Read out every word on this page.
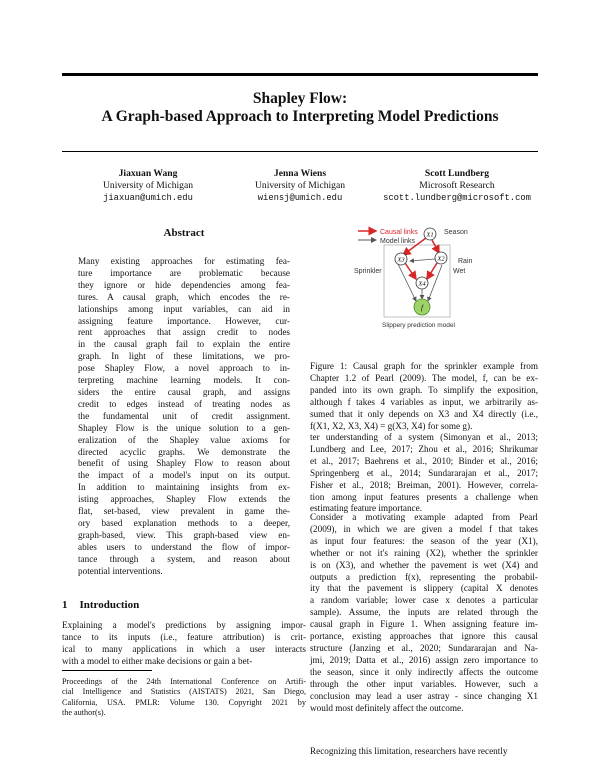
Shapley Flow:
A Graph-based Approach to Interpreting Model Predictions
Jiaxuan Wang
University of Michigan
jiaxuan@umich.edu
Jenna Wiens
University of Michigan
wiensj@umich.edu
Scott Lundberg
Microsoft Research
scott.lundberg@microsoft.com
Abstract
Many existing approaches for estimating fea-
ture importance are problematic because
they ignore or hide dependencies among fea-
tures. A causal graph, which encodes the re-
lationships among input variables, can aid in
assigning feature importance. However, cur-
rent approaches that assign credit to nodes
in the causal graph fail to explain the entire
graph. In light of these limitations, we pro-
pose Shapley Flow, a novel approach to in-
terpreting machine learning models. It con-
siders the entire causal graph, and assigns
credit to edges instead of treating nodes as
the fundamental unit of credit assignment.
Shapley Flow is the unique solution to a gen-
eralization of the Shapley value axioms for
directed acyclic graphs. We demonstrate the
benefit of using Shapley Flow to reason about
the impact of a model's input on its output.
In addition to maintaining insights from ex-
isting approaches, Shapley Flow extends the
flat, set-based, view prevalent in game the-
ory based explanation methods to a deeper,
graph-based, view. This graph-based view en-
ables users to understand the flow of impor-
tance through a system, and reason about
potential interventions.
1 Introduction
Explaining a model's predictions by assigning impor-
tance to its inputs (i.e., feature attribution) is crit-
ical to many applications in which a user interacts
with a model to either make decisions or gain a bet-
Proceedings of the 24th International Conference on Artifi-
cial Intelligence and Statistics (AISTATS) 2021, San Diego,
California, USA. PMLR: Volume 130. Copyright 2021 by
the author(s).
Causal links
Model links
Season
Sprinkler
Rain
Wet
X1
X3	X2
X4
f
Slippery prediction model
Figure 1: Causal graph for the sprinkler example from
Chapter 1.2 of Pearl (2009). The model, f, can be ex-
panded into its own graph. To simplify the exposition,
although f takes 4 variables as input, we arbitrarily as-
sumed that it only depends on X3 and X4 directly (i.e.,
f(X1, X2, X3, X4) = g(X3, X4) for some g).
ter understanding of a system (Simonyan et al., 2013;
Lundberg and Lee, 2017; Zhou et al., 2016; Shrikumar
et al., 2017; Baehrens et al., 2010; Binder et al., 2016;
Springenberg et al., 2014; Sundararajan et al., 2017;
Fisher et al., 2018; Breiman, 2001). However, correla-
tion among input features presents a challenge when
estimating feature importance.
Consider a motivating example adapted from Pearl
(2009), in which we are given a model f that takes
as input four features: the season of the year (X1),
whether or not it's raining (X2), whether the sprinkler
is on (X3), and whether the pavement is wet (X4) and
outputs a prediction f(x), representing the probabil-
ity that the pavement is slippery (capital X denotes
a random variable; lower case x denotes a particular
sample). Assume, the inputs are related through the
causal graph in Figure 1. When assigning feature im-
portance, existing approaches that ignore this causal
structure (Janzing et al., 2020; Sundararajan and Na-
jmi, 2019; Datta et al., 2016) assign zero importance to
the season, since it only indirectly affects the outcome
through the other input variables. However, such a
conclusion may lead a user astray - since changing X1
would most definitely affect the outcome.
Recognizing this limitation, researchers have recently
